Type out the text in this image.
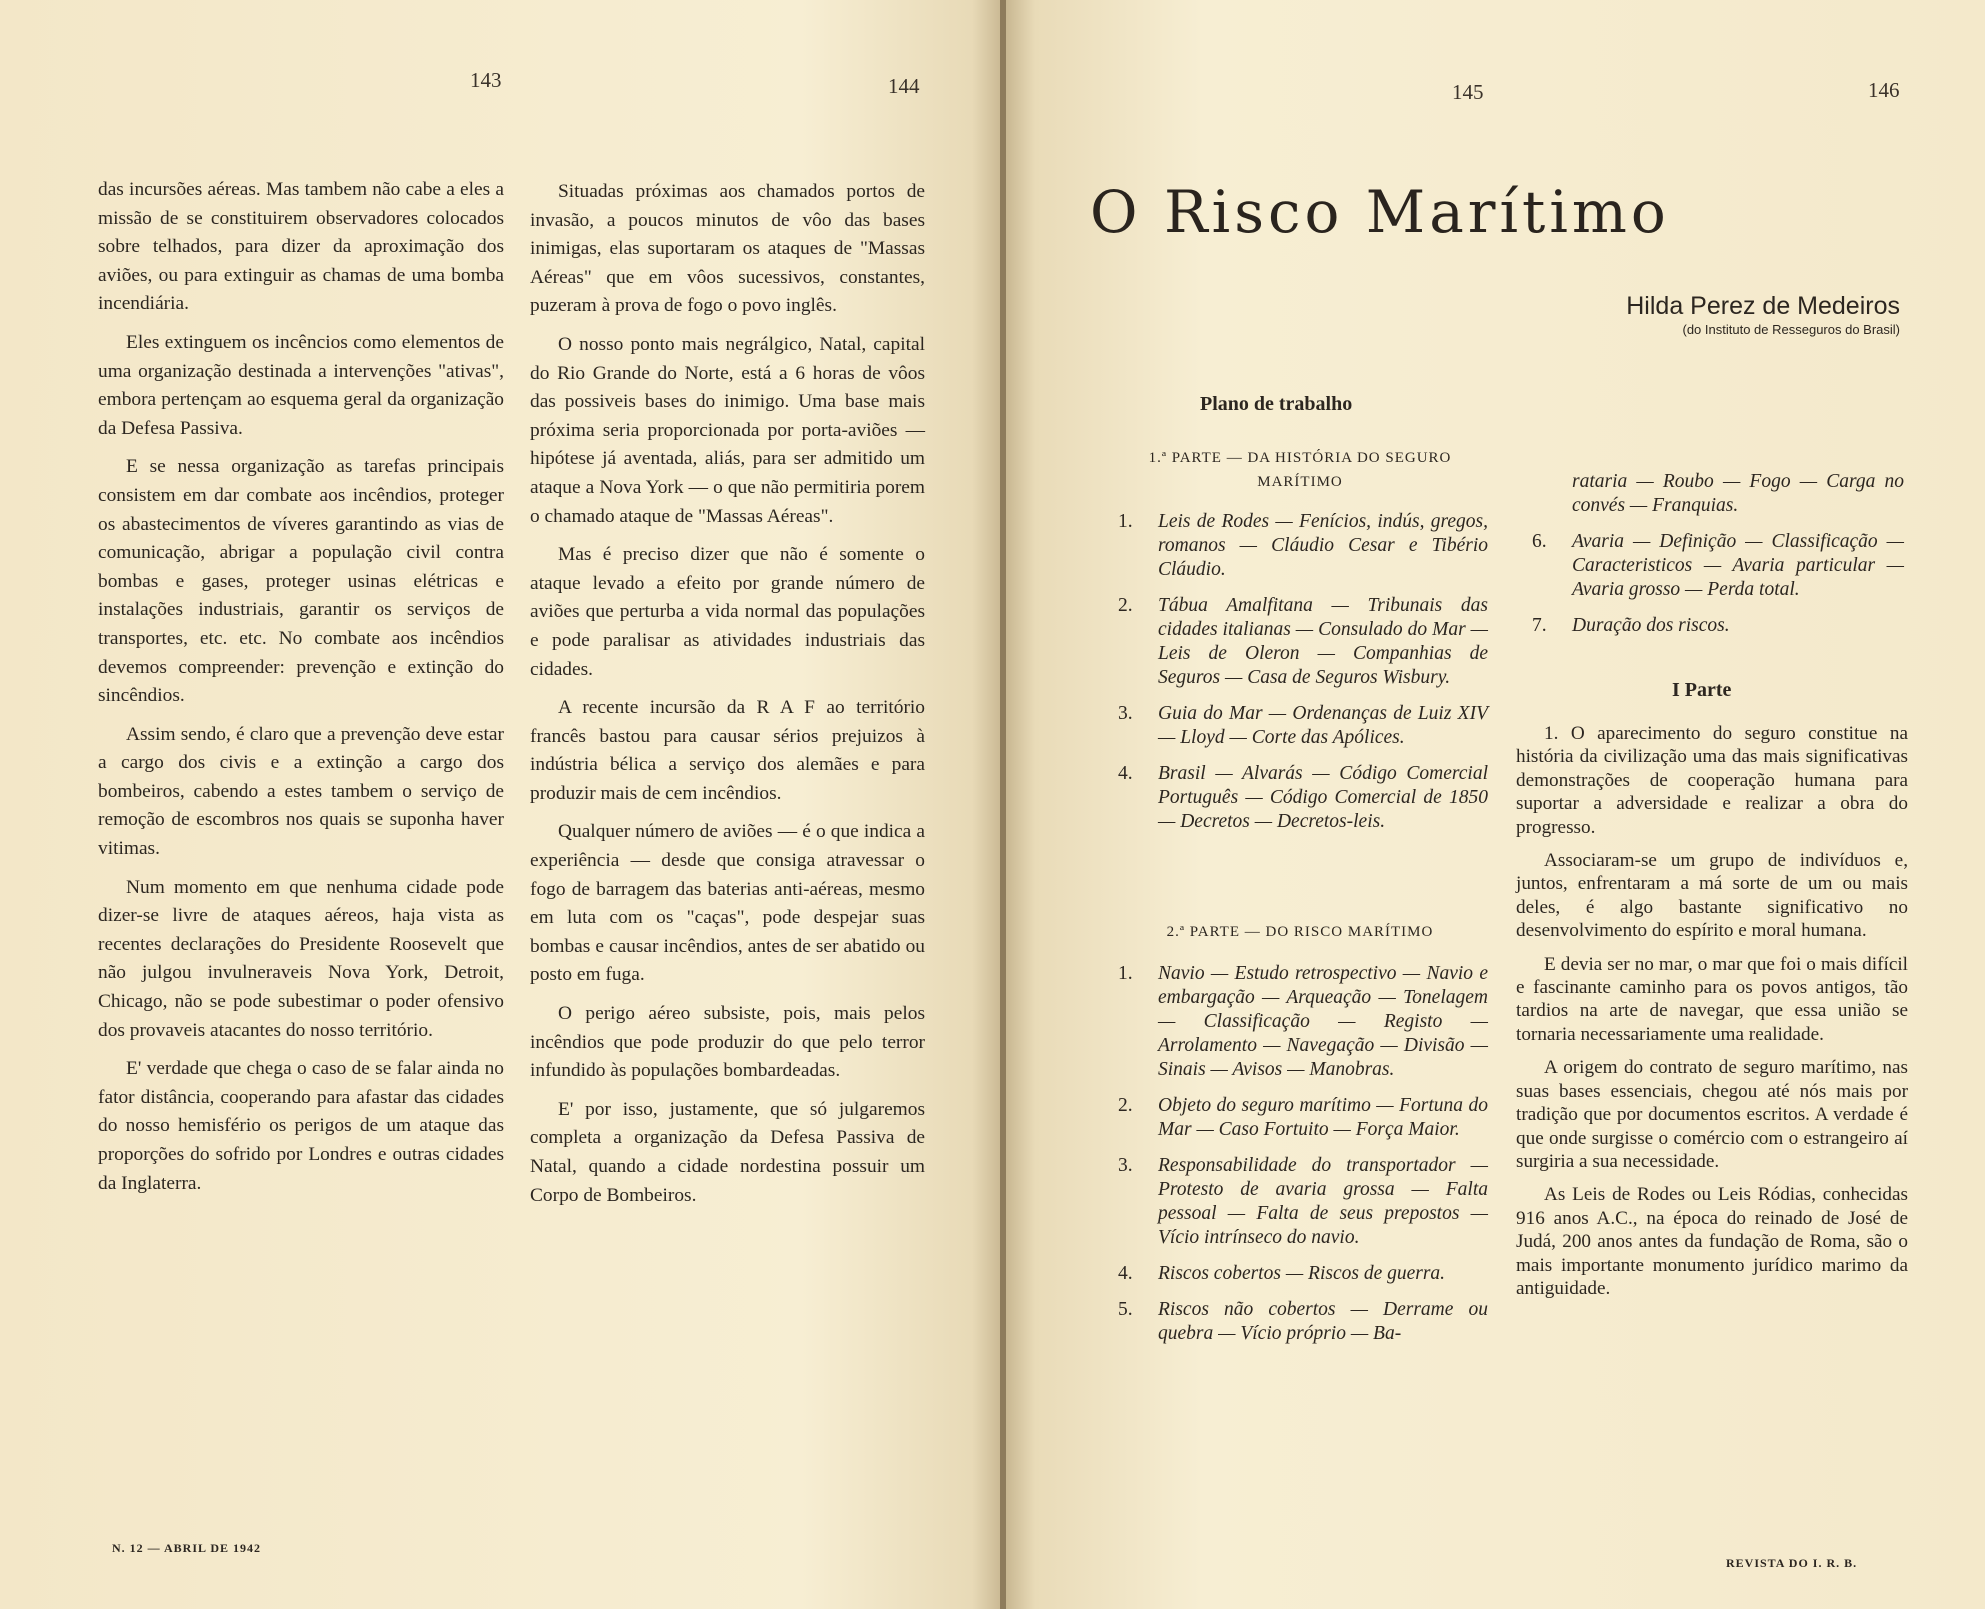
143	144	145	146

das incursões aéreas. Mas tambem não cabe a eles a missão de se constituirem observadores colocados sobre telhados, para dizer da aproximação dos aviões, ou para extinguir as chamas de uma bomba incendiária.

Eles extinguem os incêncios como elementos de uma organização destinada a intervenções "ativas", embora pertençam ao esquema geral da organização da Defesa Passiva.

E se nessa organização as tarefas principais consistem em dar combate aos incêndios, proteger os abastecimentos de víveres garantindo as vias de comunicação, abrigar a população civil contra bombas e gases, proteger usinas elétricas e instalações industriais, garantir os serviços de transportes, etc. etc. No combate aos incêndios devemos compreender: prevenção e extinção do sincêndios.

Assim sendo, é claro que a prevenção deve estar a cargo dos civis e a extinção a cargo dos bombeiros, cabendo a estes tambem o serviço de remoção de escombros nos quais se suponha haver vitimas.

Num momento em que nenhuma cidade pode dizer-se livre de ataques aéreos, haja vista as recentes declarações do Presidente Roosevelt que não julgou invulneraveis Nova York, Detroit, Chicago, não se pode subestimar o poder ofensivo dos provaveis atacantes do nosso território.

E' verdade que chega o caso de se falar ainda no fator distância, cooperando para afastar das cidades do nosso hemisfério os perigos de um ataque das proporções do sofrido por Londres e outras cidades da Inglaterra.

Situadas próximas aos chamados portos de invasão, a poucos minutos de vôo das bases inimigas, elas suportaram os ataques de "Massas Aéreas" que em vôos sucessivos, constantes, puzeram à prova de fogo o povo inglês.

O nosso ponto mais negrálgico, Natal, capital do Rio Grande do Norte, está a 6 horas de vôos das possiveis bases do inimigo. Uma base mais próxima seria proporcionada por porta-aviões — hipótese já aventada, aliás, para ser admitido um ataque a Nova York — o que não permitiria porem o chamado ataque de "Massas Aéreas".

Mas é preciso dizer que não é somente o ataque levado a efeito por grande número de aviões que perturba a vida normal das populações e pode paralisar as atividades industriais das cidades.

A recente incursão da R A F ao território francês bastou para causar sérios prejuizos à indústria bélica a serviço dos alemães e para produzir mais de cem incêndios.

Qualquer número de aviões — é o que indica a experiência — desde que consiga atravessar o fogo de barragem das baterias anti-aéreas, mesmo em luta com os "caças", pode despejar suas bombas e causar incêndios, antes de ser abatido ou posto em fuga.

O perigo aéreo subsiste, pois, mais pelos incêndios que pode produzir do que pelo terror infundido às populações bombardeadas.

E' por isso, justamente, que só julgaremos completa a organização da Defesa Passiva de Natal, quando a cidade nordestina possuir um Corpo de Bombeiros.

N. 12 — ABRIL DE 1942
REVISTA DO I. R. B.
O Risco Marítimo
Hilda Perez de Medeiros
(do Instituto de Resseguros do Brasil)
Plano de trabalho
1.ª PARTE — DA HISTÓRIA DO SEGURO MARÍTIMO
1. Leis de Rodes — Fenícios, indús, gregos, romanos — Cláudio Cesar e Tibério Cláudio.
2. Tábua Amalfitana — Tribunais das cidades italianas — Consulado do Mar — Leis de Oleron — Companhias de Seguros — Casa de Seguros Wisbury.
3. Guia do Mar — Ordenanças de Luiz XIV — Lloyd — Corte das Apólices.
4. Brasil — Alvarás — Código Comercial Português — Código Comercial de 1850 — Decretos — Decretos-leis.
2.ª PARTE — DO RISCO MARÍTIMO
1. Navio — Estudo retrospectivo — Navio e embargação — Arqueação — Tonelagem — Classificação — Registo — Arrolamento — Navegação — Divisão — Sinais — Avisos — Manobras.
2. Objeto do seguro marítimo — Fortuna do Mar — Caso Fortuito — Força Maior.
3. Responsabilidade do transportador — Protesto de avaria grossa — Falta pessoal — Falta de seus prepostos — Vício intrínseco do navio.
4. Riscos cobertos — Riscos de guerra.
5. Riscos não cobertos — Derrame ou quebra — Vício próprio — Ba-
rataria — Roubo — Fogo — Carga no convés — Franquias.
6. Avaria — Definição — Classificação — Caracteristicos — Avaria particular — Avaria grosso — Perda total.
7. Duração dos riscos.
I Parte

1. O aparecimento do seguro constitue na história da civilização uma das mais significativas demonstrações de cooperação humana para suportar a adversidade e realizar a obra do progresso.

Associaram-se um grupo de indivíduos e, juntos, enfrentaram a má sorte de um ou mais deles, é algo bastante significativo no desenvolvimento do espírito e moral humana.

E devia ser no mar, o mar que foi o mais difícil e fascinante caminho para os povos antigos, tão tardios na arte de navegar, que essa união se tornaria necessariamente uma realidade.

A origem do contrato de seguro marítimo, nas suas bases essenciais, chegou até nós mais por tradição que por documentos escritos. A verdade é que onde surgisse o comércio com o estrangeiro aí surgiria a sua necessidade.

As Leis de Rodes ou Leis Ródias, conhecidas 916 anos A.C., na época do reinado de José de Judá, 200 anos antes da fundação de Roma, são o mais importante monumento jurídico marimo da antiguidade.
